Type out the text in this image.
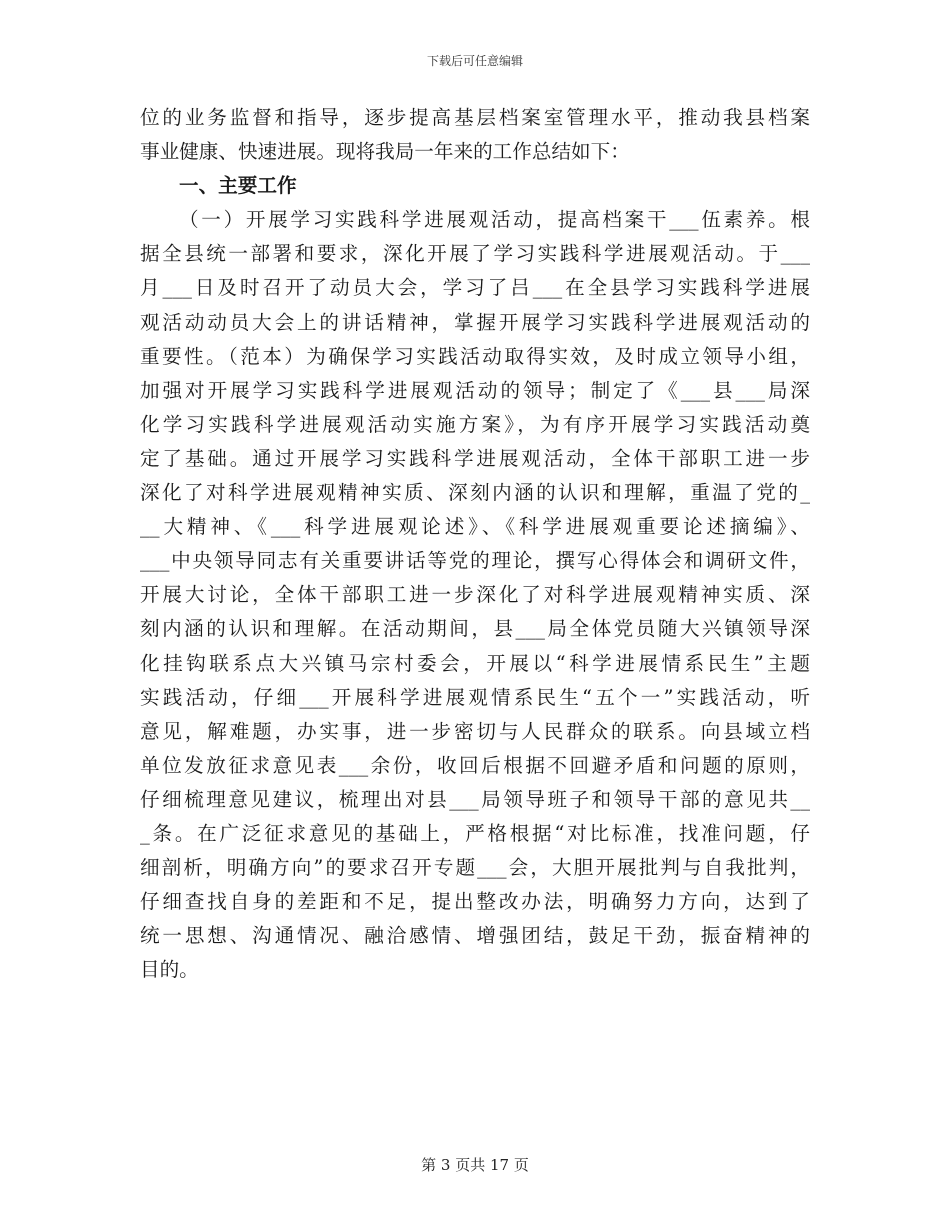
下载后可任意编辑
位的业务监督和指导，逐步提高基层档案室管理水平，推动我县档案
事业健康、快速进展。现将我局一年来的工作总结如下：
一、主要工作
（一）开展学习实践科学进展观活动，提高档案干___伍素养。根
据全县统一部署和要求，深化开展了学习实践科学进展观活动。于___
月___日及时召开了动员大会，学习了吕___在全县学习实践科学进展
观活动动员大会上的讲话精神，掌握开展学习实践科学进展观活动的
重要性。（范本）为确保学习实践活动取得实效，及时成立领导小组，
加强对开展学习实践科学进展观活动的领导；制定了《___县___局深
化学习实践科学进展观活动实施方案》，为有序开展学习实践活动奠
定了基础。通过开展学习实践科学进展观活动，全体干部职工进一步
深化了对科学进展观精神实质、深刻内涵的认识和理解，重温了党的_
__大精神、《___科学进展观论述》、《科学进展观重要论述摘编》、
___中央领导同志有关重要讲话等党的理论，撰写心得体会和调研文件，
开展大讨论，全体干部职工进一步深化了对科学进展观精神实质、深
刻内涵的认识和理解。在活动期间，县___局全体党员随大兴镇领导深
化挂钩联系点大兴镇马宗村委会，开展以“科学进展情系民生”主题
实践活动，仔细___开展科学进展观情系民生“五个一”实践活动，听
意见，解难题，办实事，进一步密切与人民群众的联系。向县域立档
单位发放征求意见表___余份，收回后根据不回避矛盾和问题的原则，
仔细梳理意见建议，梳理出对县___局领导班子和领导干部的意见共__
_条。在广泛征求意见的基础上，严格根据“对比标准，找准问题，仔
细剖析，明确方向”的要求召开专题___会，大胆开展批判与自我批判，
仔细查找自身的差距和不足，提出整改办法，明确努力方向，达到了
统一思想、沟通情况、融洽感情、增强团结，鼓足干劲，振奋精神的
目的。
第 3 页共 17 页
